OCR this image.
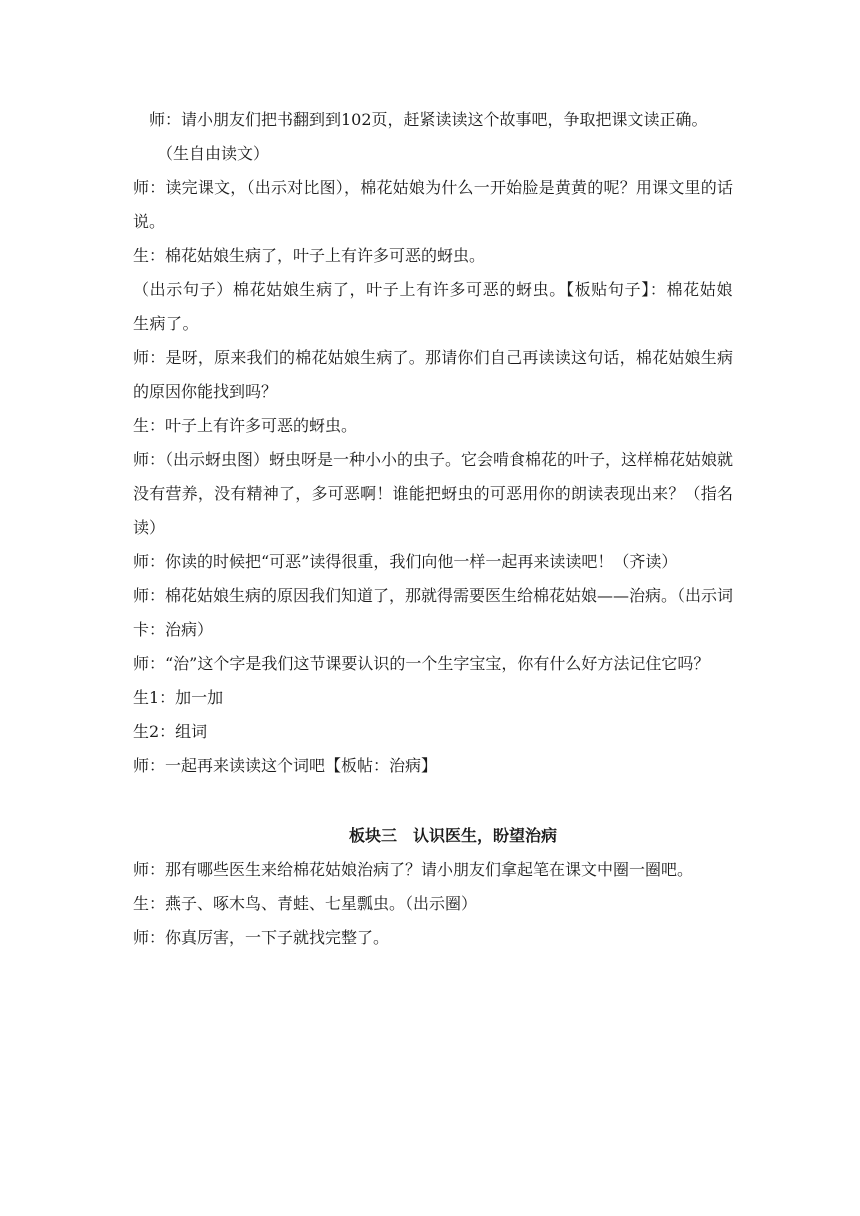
师：请小朋友们把书翻到到102页，赶紧读读这个故事吧，争取把课文读正确。

（生自由读文）

师：读完课文，（出示对比图），棉花姑娘为什么一开始脸是黄黄的呢？用课文里的话说。

生：棉花姑娘生病了，叶子上有许多可恶的蚜虫。

（出示句子）棉花姑娘生病了，叶子上有许多可恶的蚜虫。【板贴句子】：棉花姑娘生病了。

师：是呀，原来我们的棉花姑娘生病了。那请你们自己再读读这句话，棉花姑娘生病的原因你能找到吗？

生：叶子上有许多可恶的蚜虫。

师：（出示蚜虫图）蚜虫呀是一种小小的虫子。它会啃食棉花的叶子，这样棉花姑娘就没有营养，没有精神了，多可恶啊！谁能把蚜虫的可恶用你的朗读表现出来？（指名读）

师：你读的时候把“可恶”读得很重，我们向他一样一起再来读读吧！（齐读）

师：棉花姑娘生病的原因我们知道了，那就得需要医生给棉花姑娘——治病。（出示词卡：治病）

师：“治”这个字是我们这节课要认识的一个生字宝宝，你有什么好方法记住它吗？

生1：加一加

生2：组词

师：一起再来读读这个词吧【板帖：治病】

板块三　认识医生，盼望治病

师：那有哪些医生来给棉花姑娘治病了？请小朋友们拿起笔在课文中圈一圈吧。

生：燕子、啄木鸟、青蛙、七星瓢虫。（出示圈）

师：你真厉害，一下子就找完整了。
